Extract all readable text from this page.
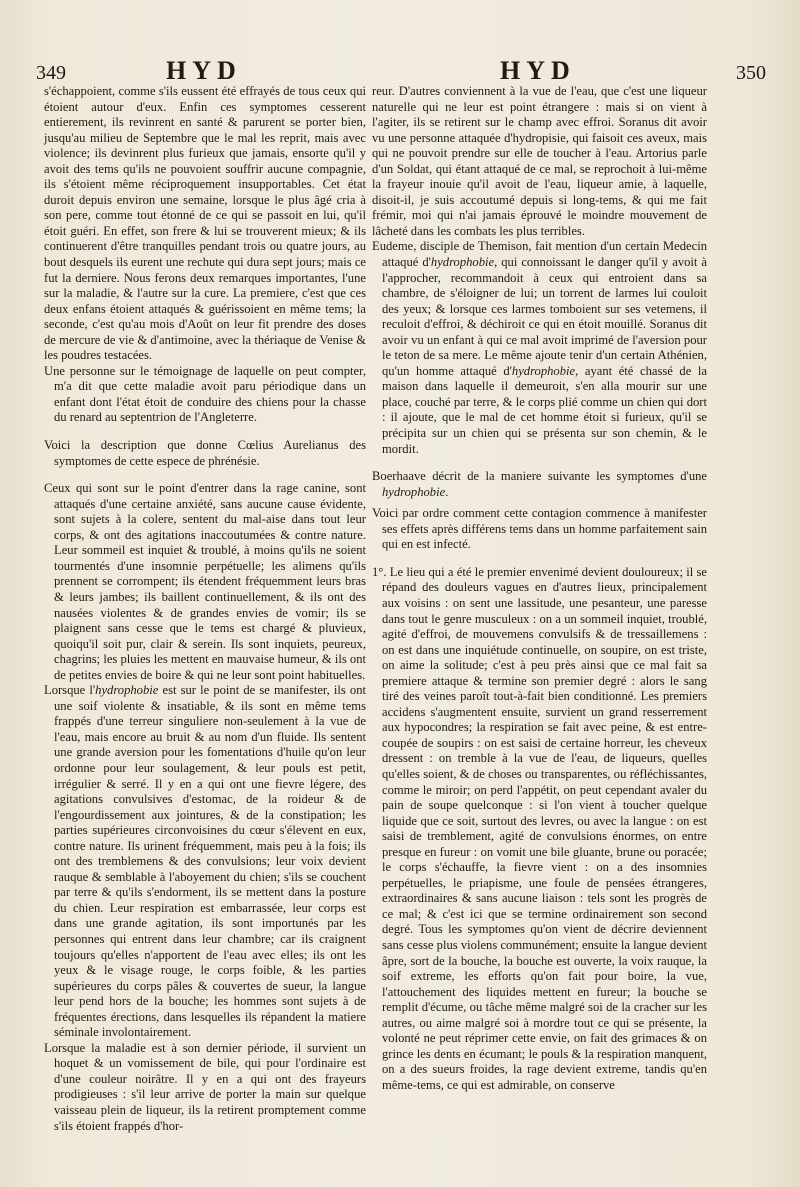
349	HYD	HYD	350

s'échappoient, comme s'ils eussent été effrayés de tous ceux qui étoient autour d'eux. Enfin ces symptomes cesserent entierement, ils revinrent en santé & parurent se porter bien, jusqu'au milieu de Septembre que le mal les reprit, mais avec violence; ils devinrent plus furieux que jamais, ensorte qu'il y avoit des tems qu'ils ne pouvoient souffrir aucune compagnie, ils s'étoient même réciproquement insupportables. Cet état duroit depuis environ une semaine, lorsque le plus âgé cria à son pere, comme tout étonné de ce qui se passoit en lui, qu'il étoit guéri. En effet, son frere & lui se trouverent mieux; & ils continuerent d'être tranquilles pendant trois ou quatre jours, au bout desquels ils eurent une rechute qui dura sept jours; mais ce fut la derniere. Nous ferons deux remarques importantes, l'une sur la maladie, & l'autre sur la cure. La premiere, c'est que ces deux enfans étoient attaqués & guérissoient en même tems; la seconde, c'est qu'au mois d'Août on leur fit prendre des doses de mercure de vie & d'antimoine, avec la thériaque de Venise & les poudres testacées.

Une personne sur le témoignage de laquelle on peut compter, m'a dit que cette maladie avoit paru périodique dans un enfant dont l'état étoit de conduire des chiens pour la chasse du renard au septentrion de l'Angleterre.

Voici la description que donne Cœlius Aurelianus des symptomes de cette espece de phrénésie.

Ceux qui sont sur le point d'entrer dans la rage canine, sont attaqués d'une certaine anxiété, sans aucune cause évidente, sont sujets à la colere, sentent du mal-aise dans tout leur corps, & ont des agitations inaccoutumées & contre nature. Leur sommeil est inquiet & troublé, à moins qu'ils ne soient tourmentés d'une insomnie perpétuelle; les alimens qu'ils prennent se corrompent; ils étendent fréquemment leurs bras & leurs jambes; ils baillent continuellement, & ils ont des nausées violentes & de grandes envies de vomir; ils se plaignent sans cesse que le tems est chargé & pluvieux, quoiqu'il soit pur, clair & serein. Ils sont inquiets, peureux, chagrins; les pluies les mettent en mauvaise humeur, & ils ont de petites envies de boire & qui ne leur sont point habituelles.

Lorsque l'hydrophobie est sur le point de se manifester, ils ont une soif violente & insatiable, & ils sont en même tems frappés d'une terreur singuliere non-seulement à la vue de l'eau, mais encore au bruit & au nom d'un fluide. Ils sentent une grande aversion pour les fomentations d'huile qu'on leur ordonne pour leur soulagement, & leur pouls est petit, irrégulier & serré. Il y en a qui ont une fievre légere, des agitations convulsives d'estomac, de la roideur & de l'engourdissement aux jointures, & de la constipation; les parties supérieures circonvoisines du cœur s'élevent en eux, contre nature. Ils urinent fréquemment, mais peu à la fois; ils ont des tremblemens & des convulsions; leur voix devient rauque & semblable à l'aboyement du chien; s'ils se couchent par terre & qu'ils s'endorment, ils se mettent dans la posture du chien. Leur respiration est embarrassée, leur corps est dans une grande agitation, ils sont importunés par les personnes qui entrent dans leur chambre; car ils craignent toujours qu'elles n'apportent de l'eau avec elles; ils ont les yeux & le visage rouge, le corps foible, & les parties supérieures du corps pâles & couvertes de sueur, la langue leur pend hors de la bouche; les hommes sont sujets à de fréquentes érections, dans lesquelles ils répandent la matiere séminale involontairement.

Lorsque la maladie est à son dernier période, il survient un hoquet & un vomissement de bile, qui pour l'ordinaire est d'une couleur noirâtre. Il y en a qui ont des frayeurs prodigieuses : s'il leur arrive de porter la main sur quelque vaisseau plein de liqueur, ils la retirent promptement comme s'ils étoient frappés d'hor-

reur. D'autres conviennent à la vue de l'eau, que c'est une liqueur naturelle qui ne leur est point étrangere : mais si on vient à l'agiter, ils se retirent sur le champ avec effroi. Soranus dit avoir vu une personne attaquée d'hydropisie, qui faisoit ces aveux, mais qui ne pouvoit prendre sur elle de toucher à l'eau. Artorius parle d'un Soldat, qui étant attaqué de ce mal, se reprochoit à lui-même la frayeur inouie qu'il avoit de l'eau, liqueur amie, à laquelle, disoit-il, je suis accoutumé depuis si long-tems, & qui me fait frémir, moi qui n'ai jamais éprouvé le moindre mouvement de lâcheté dans les combats les plus terribles.

Eudeme, disciple de Themison, fait mention d'un certain Medecin attaqué d'hydrophobie, qui connoissant le danger qu'il y avoit à l'approcher, recommandoit à ceux qui entroient dans sa chambre, de s'éloigner de lui; un torrent de larmes lui couloit des yeux; & lorsque ces larmes tomboient sur ses vetemens, il reculoit d'effroi, & déchiroit ce qui en étoit mouillé. Soranus dit avoir vu un enfant à qui ce mal avoit imprimé de l'aversion pour le teton de sa mere. Le même ajoute tenir d'un certain Athénien, qu'un homme attaqué d'hydrophobie, ayant été chassé de la maison dans laquelle il demeuroit, s'en alla mourir sur une place, couché par terre, & le corps plié comme un chien qui dort : il ajoute, que le mal de cet homme étoit si furieux, qu'il se précipita sur un chien qui se présenta sur son chemin, & le mordit.

Boerhaave décrit de la maniere suivante les symptomes d'une hydrophobie.

Voici par ordre comment cette contagion commence à manifester ses effets après différens tems dans un homme parfaitement sain qui en est infecté.

1°. Le lieu qui a été le premier envenimé devient douloureux; il se répand des douleurs vagues en d'autres lieux, principalement aux voisins : on sent une lassitude, une pesanteur, une paresse dans tout le genre musculeux : on a un sommeil inquiet, troublé, agité d'effroi, de mouvemens convulsifs & de tressaillemens : on est dans une inquiétude continuelle, on soupire, on est triste, on aime la solitude; c'est à peu près ainsi que ce mal fait sa premiere attaque & termine son premier degré : alors le sang tiré des veines paroît tout-à-fait bien conditionné. Les premiers accidens s'augmentent ensuite, survient un grand resserrement aux hypocondres; la respiration se fait avec peine, & est entre-coupée de soupirs : on est saisi de certaine horreur, les cheveux dressent : on tremble à la vue de l'eau, de liqueurs, quelles qu'elles soient, & de choses ou transparentes, ou réfléchissantes, comme le miroir; on perd l'appétit, on peut cependant avaler du pain de soupe quelconque : si l'on vient à toucher quelque liquide que ce soit, surtout des levres, ou avec la langue : on est saisi de tremblement, agité de convulsions énormes, on entre presque en fureur : on vomit une bile gluante, brune ou poracée; le corps s'échauffe, la fievre vient : on a des insomnies perpétuelles, le priapisme, une foule de pensées étrangeres, extraordinaires & sans aucune liaison : tels sont les progrès de ce mal; & c'est ici que se termine ordinairement son second degré. Tous les symptomes qu'on vient de décrire deviennent sans cesse plus violens communément; ensuite la langue devient âpre, sort de la bouche, la bouche est ouverte, la voix rauque, la soif extreme, les efforts qu'on fait pour boire, la vue, l'attouchement des liquides mettent en fureur; la bouche se remplit d'écume, ou tâche même malgré soi de la cracher sur les autres, ou aime malgré soi à mordre tout ce qui se présente, la volonté ne peut réprimer cette envie, on fait des grimaces & on grince les dents en écumant; le pouls & la respiration manquent, on a des sueurs froides, la rage devient extreme, tandis qu'en même-tems, ce qui est admirable, on conserve
